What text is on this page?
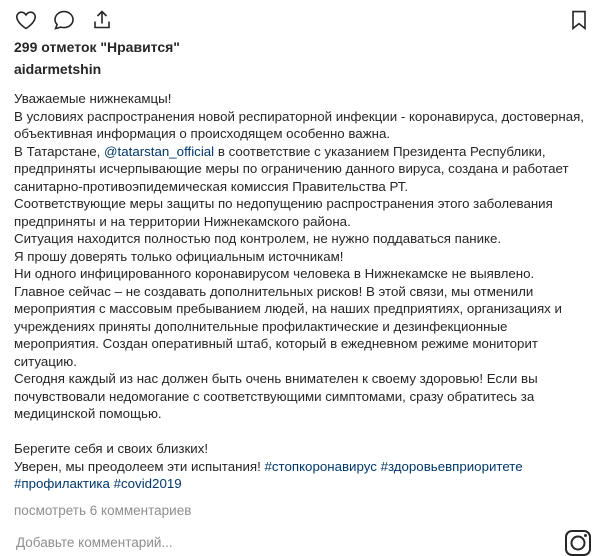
299 отметок "Нравится"
aidarmetshin
Уважаемые нижнекамцы!
В условиях распространения новой респираторной инфекции - коронавируса, достоверная, объективная информация о происходящем особенно важна.
В Татарстане, @tatarstan_official в соответствие с указанием Президента Республики, предприняты исчерпывающие меры по ограничению данного вируса, создана и работает санитарно-противоэпидемическая комиссия Правительства РТ.
Соответствующие меры защиты по недопущению распространения этого заболевания предприняты и на территории Нижнекамского района.
Ситуация находится полностью под контролем, не нужно поддаваться панике.
Я прошу доверять только официальным источникам!
Ни одного инфицированного коронавирусом человека в Нижнекамске не выявлено.
Главное сейчас – не создавать дополнительных рисков! В этой связи, мы отменили мероприятия с массовым пребыванием людей, на наших предприятиях, организациях и учреждениях приняты дополнительные профилактические и дезинфекционные мероприятия. Создан оперативный штаб, который в ежедневном режиме мониторит ситуацию.
Сегодня каждый из нас должен быть очень внимателен к своему здоровью! Если вы почувствовали недомогание с соответствующими симптомами, сразу обратитесь за медицинской помощью.

Берегите себя и своих близких!
Уверен, мы преодолеем эти испытания! #стопкоронавирус #здоровьевприоритете
#профилактика #covid2019
посмотреть 6 комментариев
Добавьте комментарий...
